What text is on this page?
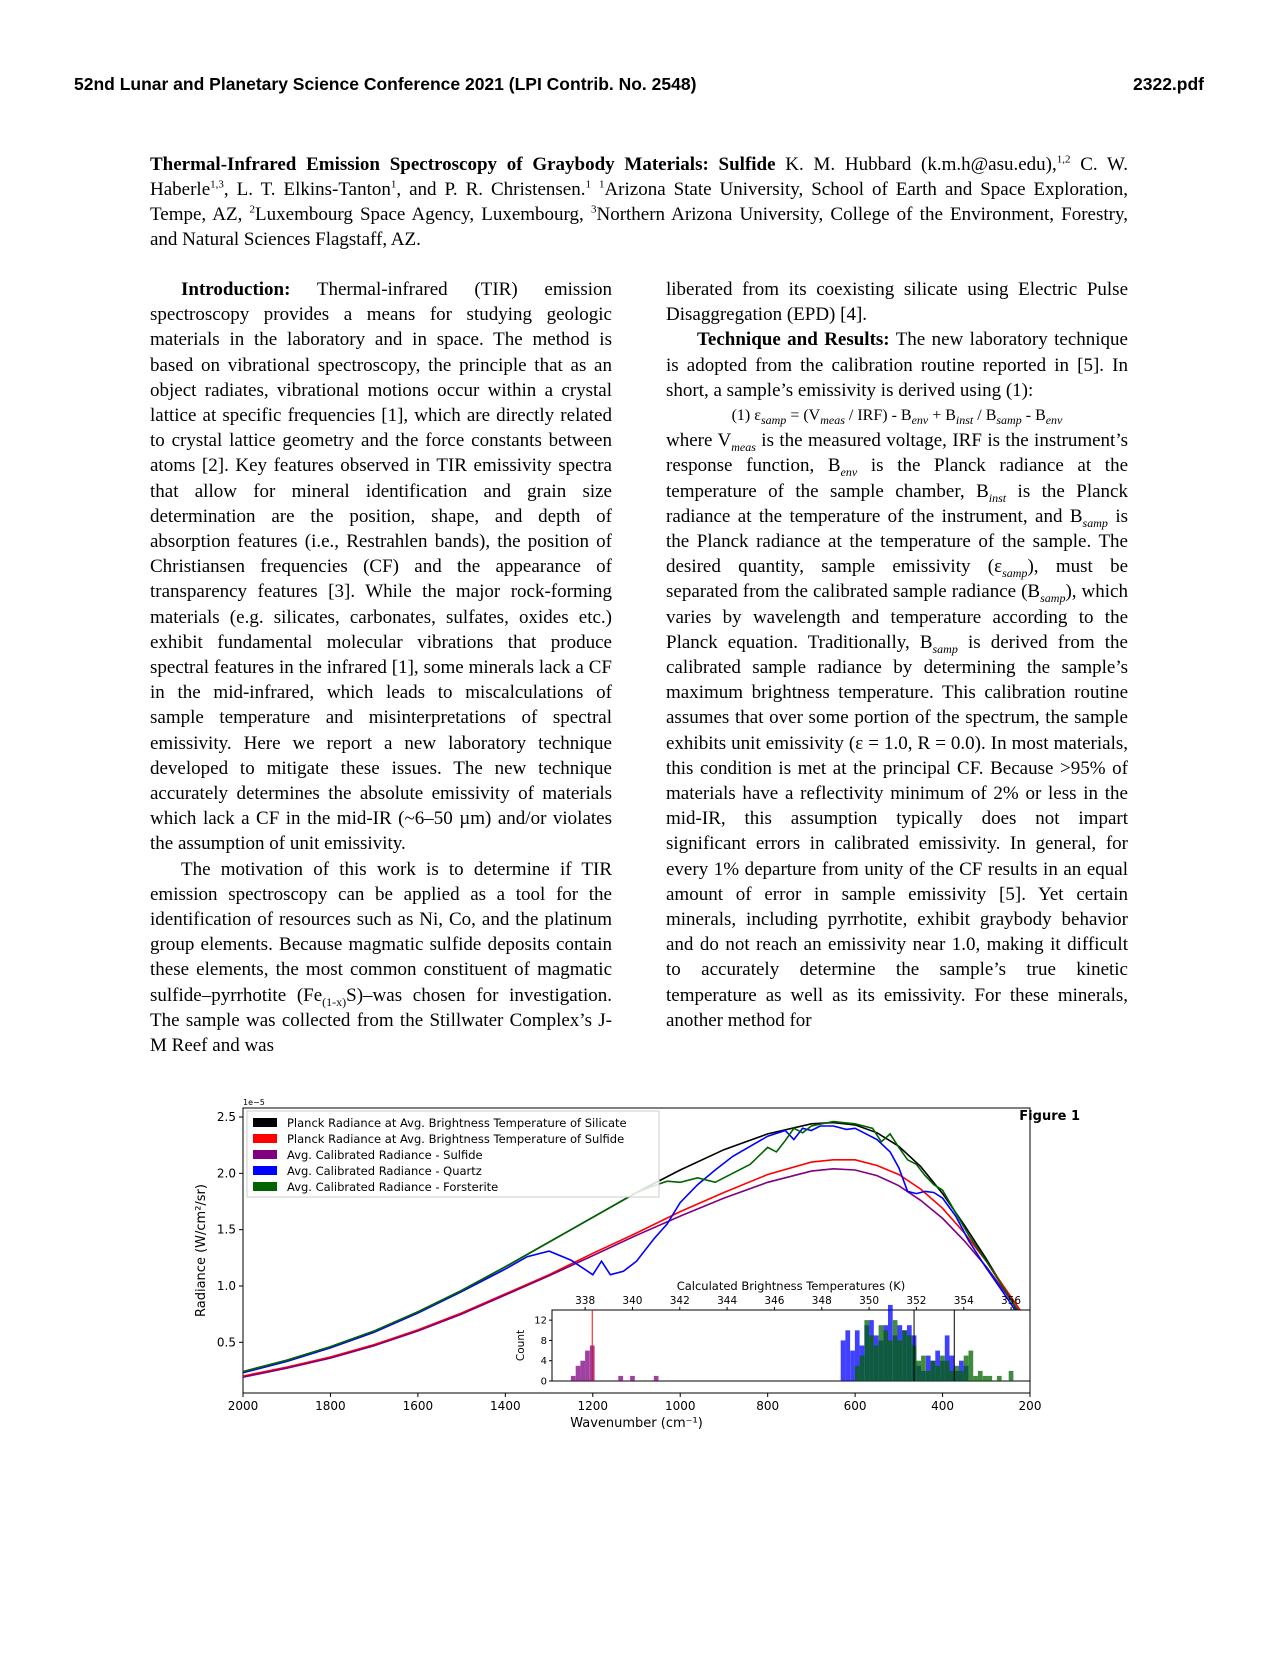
52nd Lunar and Planetary Science Conference 2021 (LPI Contrib. No. 2548)	2322.pdf
Thermal-Infrared Emission Spectroscopy of Graybody Materials: Sulfide K. M. Hubbard (k.m.h@asu.edu),$^{1,2}$ C. W. Haberle$^{1,3}$, L. T. Elkins-Tanton$^1$, and P. R. Christensen.$^1$ $^1$Arizona State University, School of Earth and Space Exploration, Tempe, AZ, $^2$Luxembourg Space Agency, Luxembourg, $^3$Northern Arizona University, College of the Environment, Forestry, and Natural Sciences Flagstaff, AZ.

Introduction: Thermal-infrared (TIR) emission spectroscopy provides a means for studying geologic materials in the laboratory and in space. The method is based on vibrational spectroscopy, the principle that as an object radiates, vibrational motions occur within a crystal lattice at specific frequencies [1], which are directly related to crystal lattice geometry and the force constants between atoms [2]. Key features observed in TIR emissivity spectra that allow for mineral identification and grain size determination are the position, shape, and depth of absorption features (i.e., Restrahlen bands), the position of Christiansen frequencies (CF) and the appearance of transparency features [3]. While the major rock-forming materials (e.g. silicates, carbonates, sulfates, oxides etc.) exhibit fundamental molecular vibrations that produce spectral features in the infrared [1], some minerals lack a CF in the mid-infrared, which leads to miscalculations of sample temperature and misinterpretations of spectral emissivity. Here we report a new laboratory technique developed to mitigate these issues. The new technique accurately determines the absolute emissivity of materials which lack a CF in the mid-IR (~6–50 µm) and/or violates the assumption of unit emissivity.

The motivation of this work is to determine if TIR emission spectroscopy can be applied as a tool for the identification of resources such as Ni, Co, and the platinum group elements. Because magmatic sulfide deposits contain these elements, the most common constituent of magmatic sulfide–pyrrhotite $(Fe_{(1-x)}S)$–was chosen for investigation. The sample was collected from the Stillwater Complex’s J-M Reef and was

liberated from its coexisting silicate using Electric Pulse Disaggregation (EPD) [4].

Technique and Results: The new laboratory technique is adopted from the calibration routine reported in [5]. In short, a sample’s emissivity is derived using (1):

(1) $\varepsilon_{samp} = (V_{meas} / IRF) - B_{env} + B_{inst} / B_{samp} - B_{env}$

where $V_{meas}$ is the measured voltage, IRF is the instrument’s response function, $B_{env}$ is the Planck radiance at the temperature of the sample chamber, $B_{inst}$ is the Planck radiance at the temperature of the instrument, and $B_{samp}$ is the Planck radiance at the temperature of the sample. The desired quantity, sample emissivity $(\varepsilon_{samp})$, must be separated from the calibrated sample radiance $(B_{samp})$, which varies by wavelength and temperature according to the Planck equation. Traditionally, $B_{samp}$ is derived from the calibrated sample radiance by determining the sample’s maximum brightness temperature. This calibration routine assumes that over some portion of the spectrum, the sample exhibits unit emissivity (ε = 1.0, R = 0.0). In most materials, this condition is met at the principal CF. Because >95% of materials have a reflectivity minimum of 2% or less in the mid-IR, this assumption typically does not impart significant errors in calibrated emissivity. In general, for every 1% departure from unity of the CF results in an equal amount of error in sample emissivity [5]. Yet certain minerals, including pyrrhotite, exhibit graybody behavior and do not reach an emissivity near 1.0, making it difficult to accurately determine the sample’s true kinetic temperature as well as its emissivity. For these minerals, another method for

2000	1800	1600	1400	1200	1000	800	600	400	200
0.5
1.0
1.5
2.0
2.5	Planck Radiance at Avg. Brightness Temperature of Silicate
Planck Radiance at Avg. Brightness Temperature of Sulfide
Avg. Calibrated Radiance - Sulfide
Avg. Calibrated Radiance - Quartz
Avg. Calibrated Radiance - Forsterite
Calculated Brightness Temperatures (K)
338	340	342	344	346	348	350	352	354	356
0
4
8
12
Count
Figure 1
1e−5
Radiance (W/cm²/sr)
Wavenumber (cm⁻¹)
